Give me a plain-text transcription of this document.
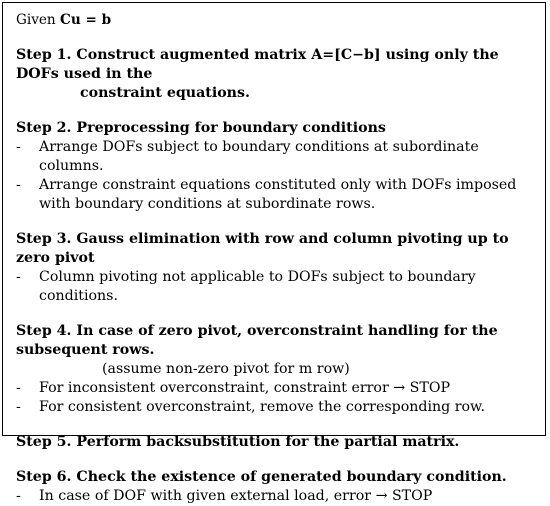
Given Cu = b

Step 1. Construct augmented matrix A=[C−b] using only the DOFs used in the
constraint equations.

Step 2. Preprocessing for boundary conditions

-	Arrange DOFs subject to boundary conditions at subordinate columns.
-	Arrange constraint equations constituted only with DOFs imposed with boundary conditions at subordinate rows.

Step 3. Gauss elimination with row and column pivoting up to zero pivot

-	Column pivoting not applicable to DOFs subject to boundary conditions.

Step 4. In case of zero pivot, overconstraint handling for the subsequent rows.

(assume non-zero pivot for m row)

-	For inconsistent overconstraint, constraint error → STOP
-	For consistent overconstraint, remove the corresponding row.

Step 5. Perform backsubstitution for the partial matrix.

Step 6. Check the existence of generated boundary condition.

-	In case of DOF with given external load, error → STOP
